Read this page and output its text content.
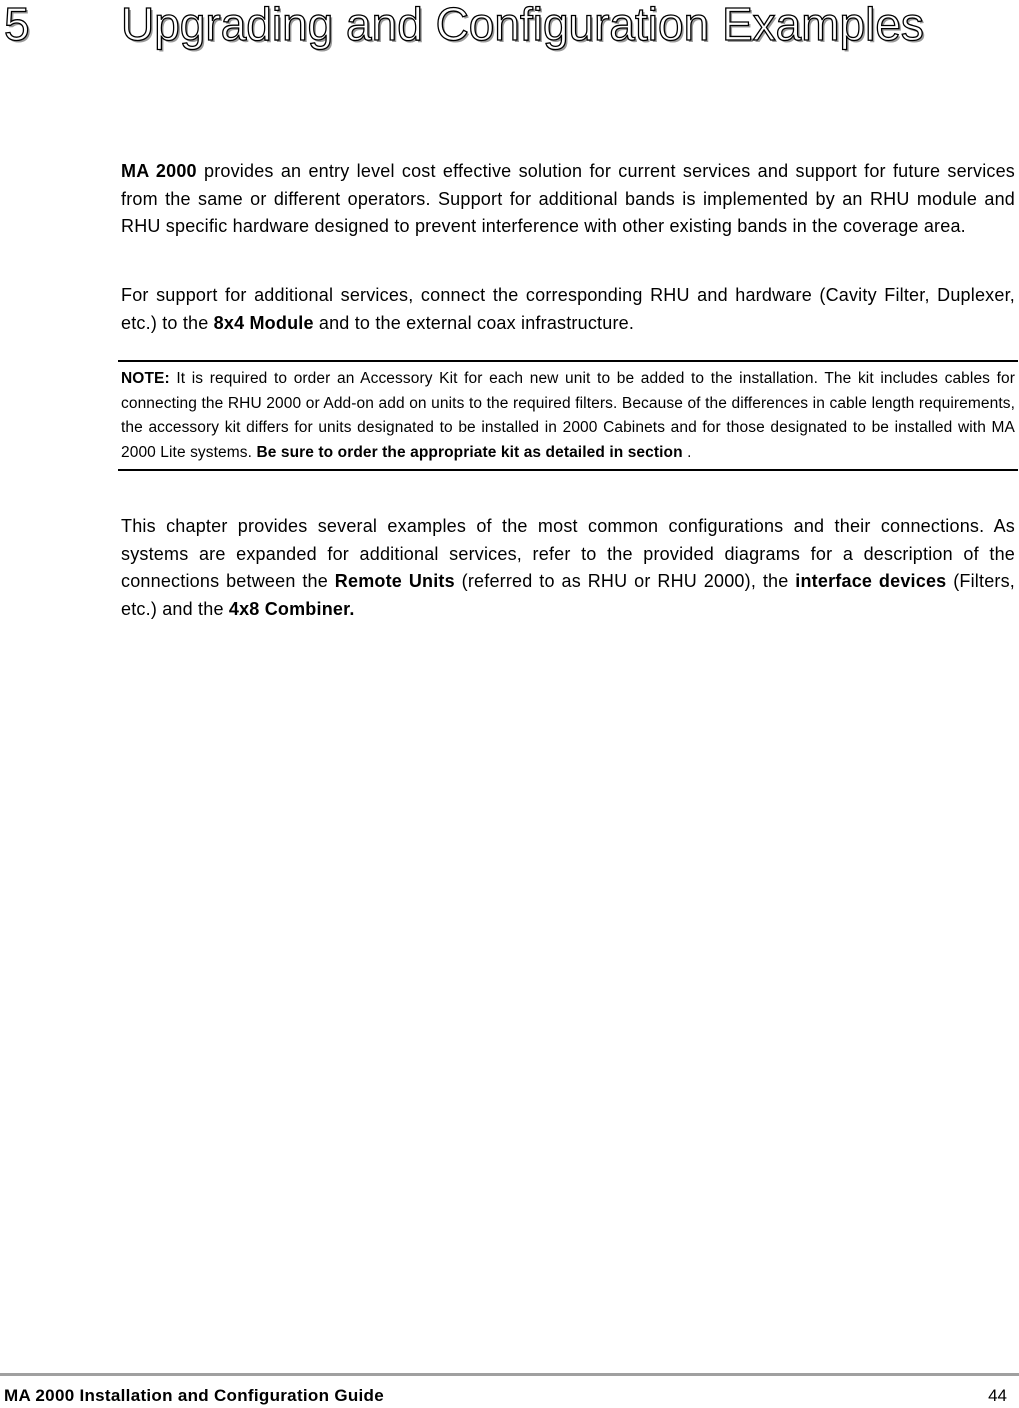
5 Upgrading and Configuration Examples

MA 2000 provides an entry level cost effective solution for current services and support for future services from the same or different operators. Support for additional bands is implemented by an RHU module and RHU specific hardware designed to prevent interference with other existing bands in the coverage area.

For support for additional services, connect the corresponding RHU and hardware (Cavity Filter, Duplexer, etc.) to the 8x4 Module and to the external coax infrastructure.

NOTE: It is required to order an Accessory Kit for each new unit to be added to the installation. The kit includes cables for connecting the RHU 2000 or Add-on add on units to the required filters. Because of the differences in cable length requirements, the accessory kit differs for units designated to be installed in 2000 Cabinets and for those designated to be installed with MA 2000 Lite systems. Be sure to order the appropriate kit as detailed in section .

This chapter provides several examples of the most common configurations and their connections. As systems are expanded for additional services, refer to the provided diagrams for a description of the connections between the Remote Units (referred to as RHU or RHU 2000), the interface devices (Filters, etc.) and the 4x8 Combiner.

MA 2000 Installation and Configuration Guide	44
